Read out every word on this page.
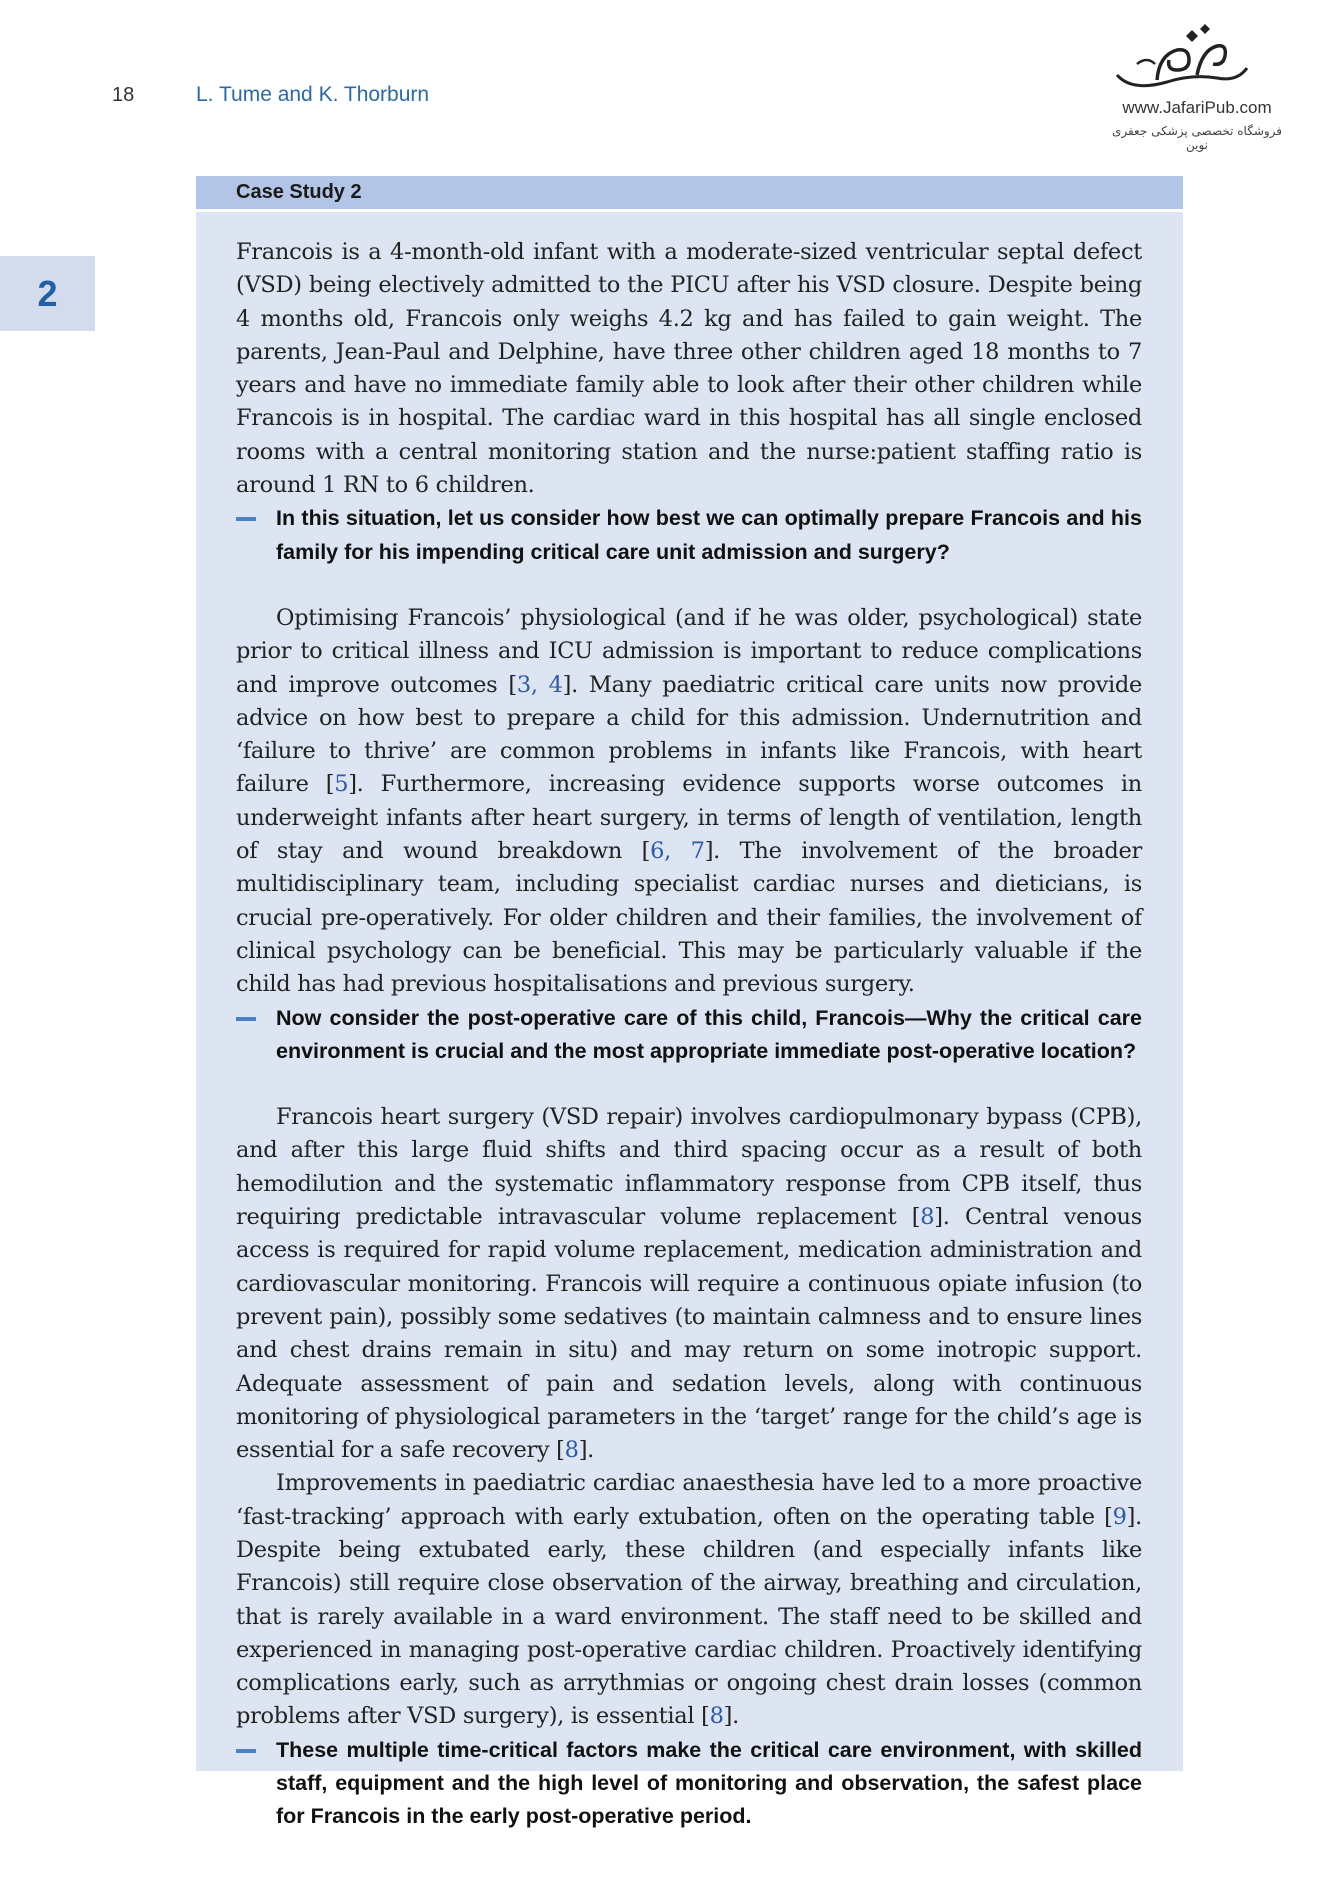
18	L. Tume and K. Thorburn
www.JafariPub.com
فروشگاه تخصصی پزشکی جعفری نوین
2
Case Study 2

Francois is a 4-month-old infant with a moderate-sized ventricular septal defect (VSD) being electively admitted to the PICU after his VSD closure. Despite being 4 months old, Francois only weighs 4.2 kg and has failed to gain weight. The parents, Jean-Paul and Delphine, have three other children aged 18 months to 7 years and have no immediate family able to look after their other children while Francois is in hospital. The cardiac ward in this hospital has all single enclosed rooms with a central monitoring station and the nurse:patient staffing ratio is around 1 RN to 6 children.

In this situation, let us consider how best we can optimally prepare Francois and his family for his impending critical care unit admission and surgery?

Optimising Francois’ physiological (and if he was older, psychological) state prior to critical illness and ICU admission is important to reduce complications and improve outcomes [3, 4]. Many paediatric critical care units now provide advice on how best to prepare a child for this admission. Undernutrition and ‘failure to thrive’ are common problems in infants like Francois, with heart failure [5]. Furthermore, increasing evidence supports worse outcomes in underweight infants after heart surgery, in terms of length of ventilation, length of stay and wound breakdown [6, 7]. The involvement of the broader multidisciplinary team, including specialist cardiac nurses and dieticians, is crucial pre-operatively. For older children and their families, the involvement of clinical psychology can be beneficial. This may be particularly valuable if the child has had previous hospitalisations and previous surgery.

Now consider the post-operative care of this child, Francois—Why the critical care environment is crucial and the most appropriate immediate post-operative location?

Francois heart surgery (VSD repair) involves cardiopulmonary bypass (CPB), and after this large fluid shifts and third spacing occur as a result of both hemodilution and the systematic inflammatory response from CPB itself, thus requiring predictable intravascular volume replacement [8]. Central venous access is required for rapid volume replacement, medication administration and cardiovascular monitoring. Francois will require a continuous opiate infusion (to prevent pain), possibly some sedatives (to maintain calmness and to ensure lines and chest drains remain in situ) and may return on some inotropic support. Adequate assessment of pain and sedation levels, along with continuous monitoring of physiological parameters in the ‘target’ range for the child’s age is essential for a safe recovery [8].

Improvements in paediatric cardiac anaesthesia have led to a more proactive ‘fast-tracking’ approach with early extubation, often on the operating table [9]. Despite being extubated early, these children (and especially infants like Francois) still require close observation of the airway, breathing and circulation, that is rarely available in a ward environment. The staff need to be skilled and experienced in managing post-operative cardiac children. Proactively identifying complications early, such as arrythmias or ongoing chest drain losses (common problems after VSD surgery), is essential [8].

These multiple time-critical factors make the critical care environment, with skilled staff, equipment and the high level of monitoring and observation, the safest place for Francois in the early post-operative period.
